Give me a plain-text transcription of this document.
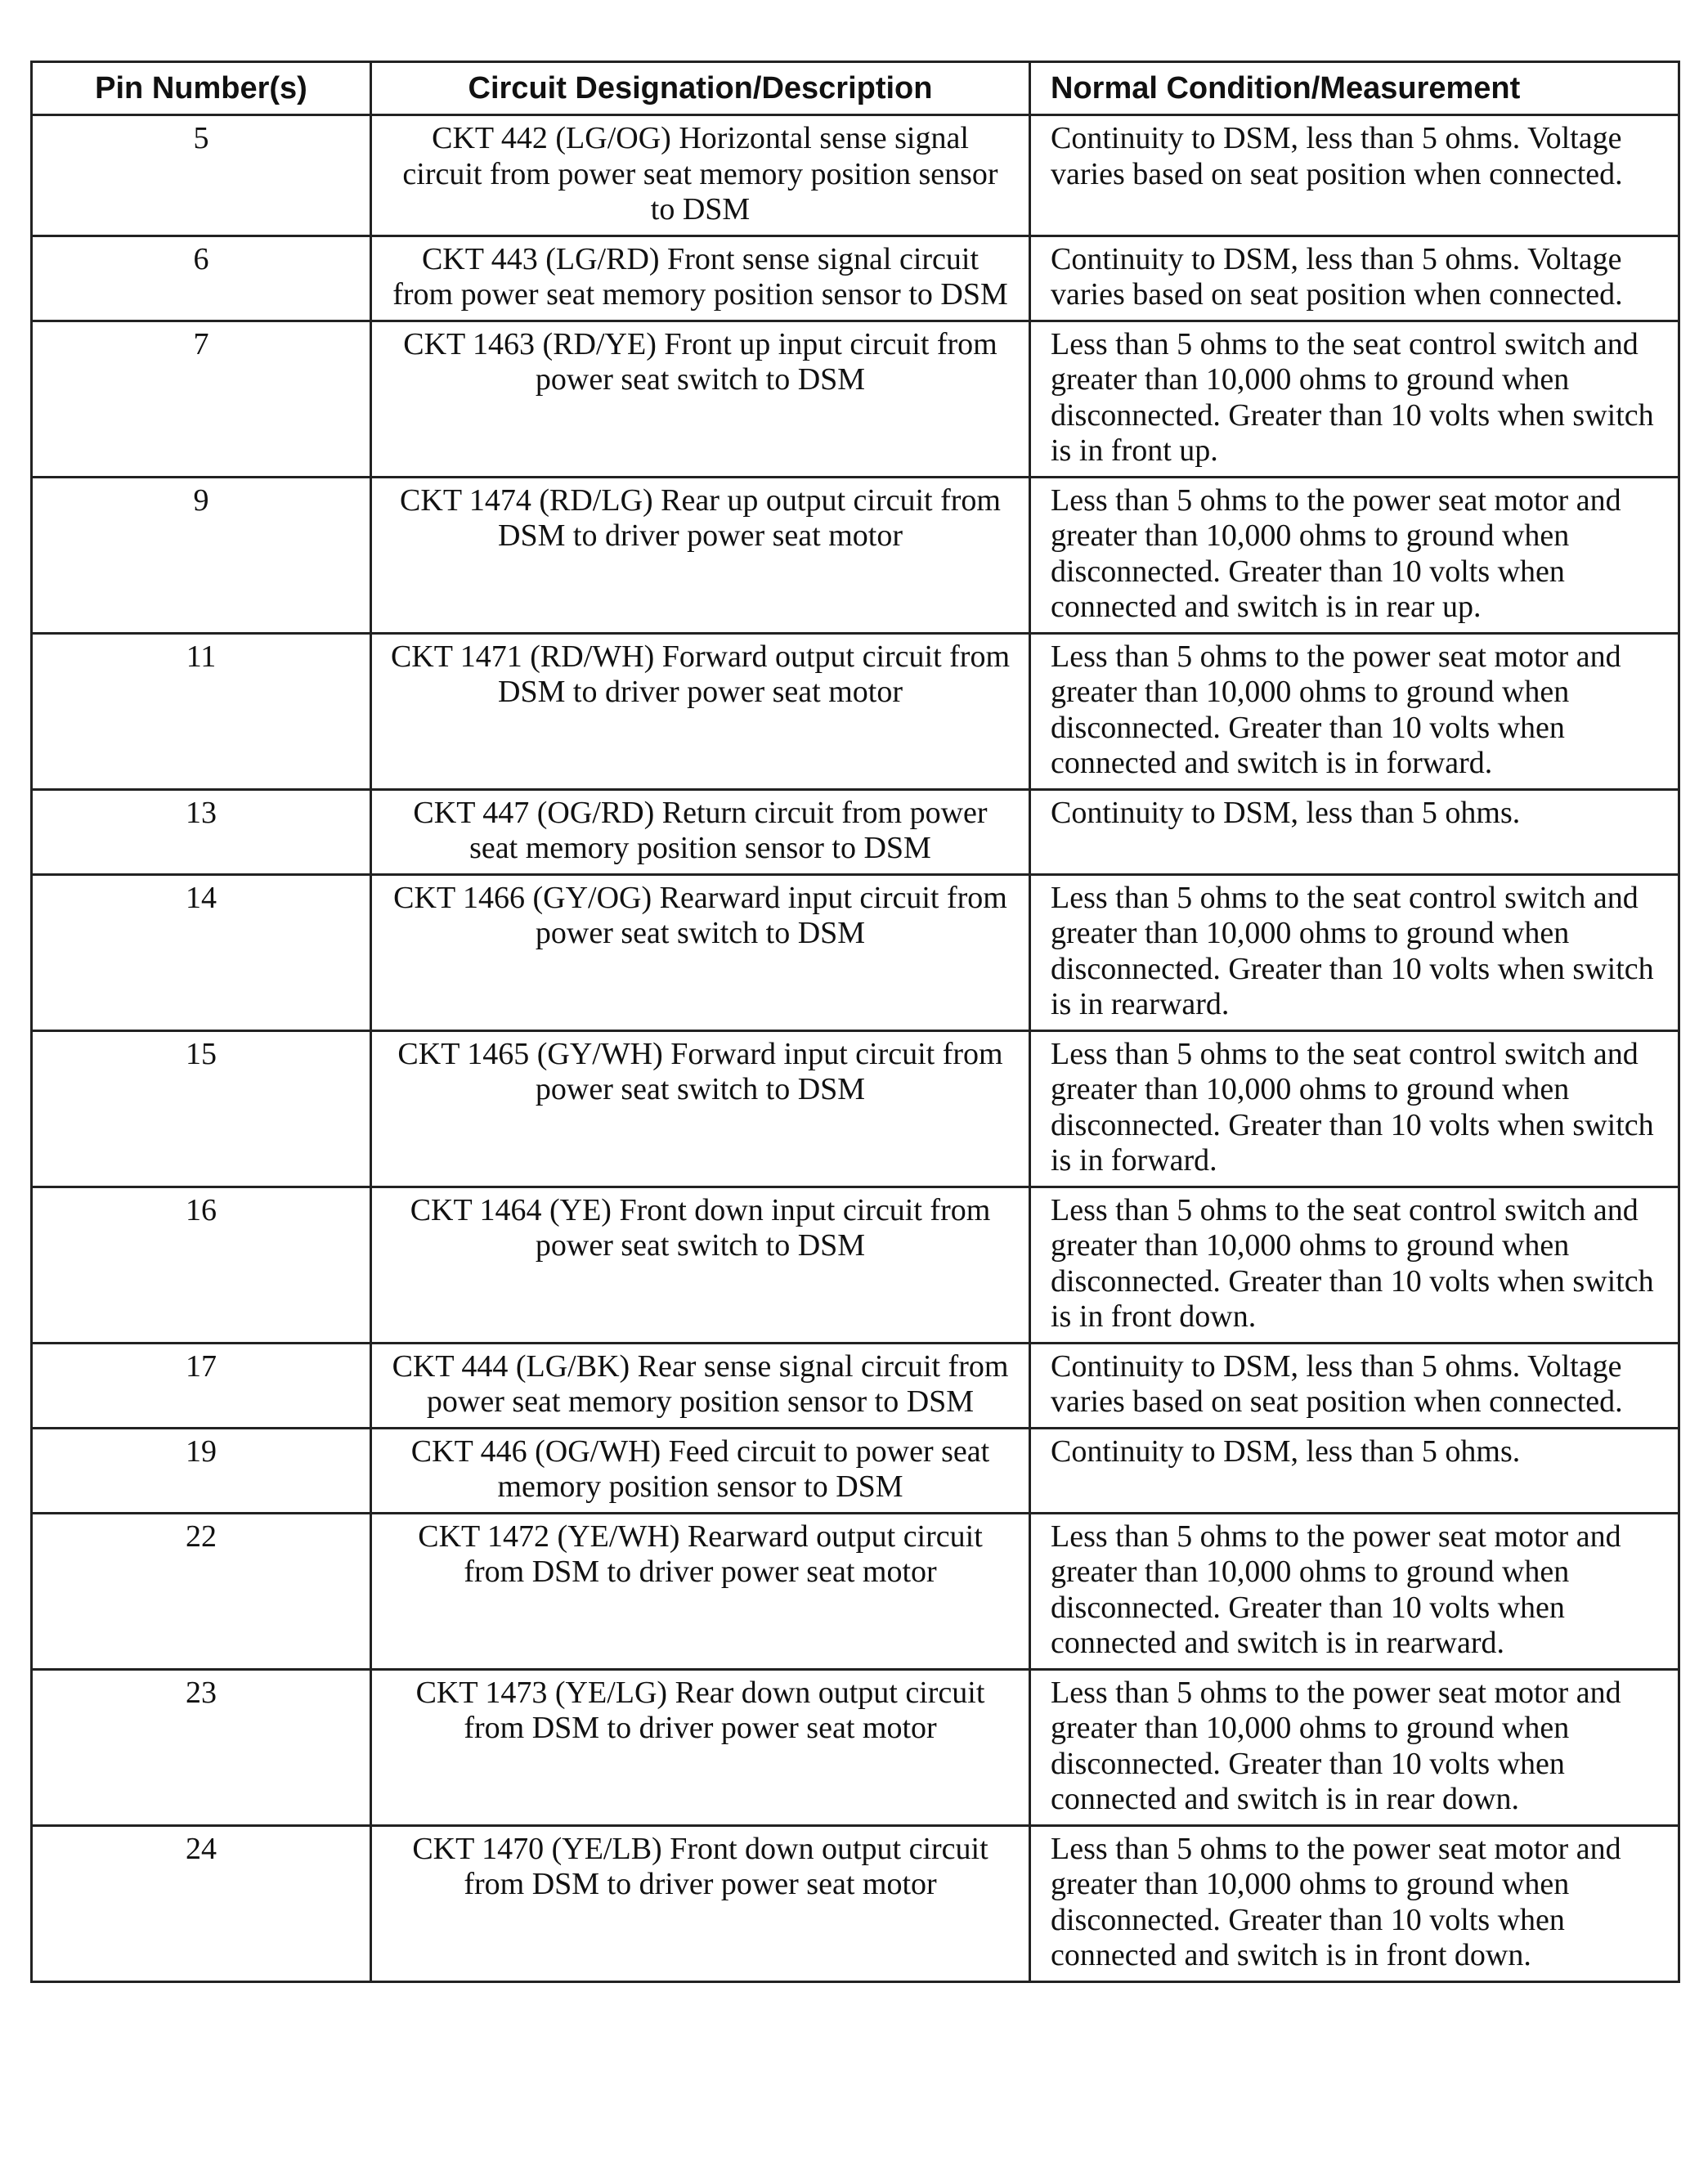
Pin Number(s)	Circuit Designation/Description	Normal Condition/Measurement
5	CKT 442 (LG/OG) Horizontal sense signal circuit from power seat memory position sensor to DSM	Continuity to DSM, less than 5 ohms. Voltage varies based on seat position when connected.
6	CKT 443 (LG/RD) Front sense signal circuit from power seat memory position sensor to DSM	Continuity to DSM, less than 5 ohms. Voltage varies based on seat position when connected.
7	CKT 1463 (RD/YE) Front up input circuit from power seat switch to DSM	Less than 5 ohms to the seat control switch and greater than 10,000 ohms to ground when disconnected. Greater than 10 volts when switch is in front up.
9	CKT 1474 (RD/LG) Rear up output circuit from DSM to driver power seat motor	Less than 5 ohms to the power seat motor and greater than 10,000 ohms to ground when disconnected. Greater than 10 volts when connected and switch is in rear up.
11	CKT 1471 (RD/WH) Forward output circuit from DSM to driver power seat motor	Less than 5 ohms to the power seat motor and greater than 10,000 ohms to ground when disconnected. Greater than 10 volts when connected and switch is in forward.
13	CKT 447 (OG/RD) Return circuit from power seat memory position sensor to DSM	Continuity to DSM, less than 5 ohms.
14	CKT 1466 (GY/OG) Rearward input circuit from power seat switch to DSM	Less than 5 ohms to the seat control switch and greater than 10,000 ohms to ground when disconnected. Greater than 10 volts when switch is in rearward.
15	CKT 1465 (GY/WH) Forward input circuit from power seat switch to DSM	Less than 5 ohms to the seat control switch and greater than 10,000 ohms to ground when disconnected. Greater than 10 volts when switch is in forward.
16	CKT 1464 (YE) Front down input circuit from power seat switch to DSM	Less than 5 ohms to the seat control switch and greater than 10,000 ohms to ground when disconnected. Greater than 10 volts when switch is in front down.
17	CKT 444 (LG/BK) Rear sense signal circuit from power seat memory position sensor to DSM	Continuity to DSM, less than 5 ohms. Voltage varies based on seat position when connected.
19	CKT 446 (OG/WH) Feed circuit to power seat memory position sensor to DSM	Continuity to DSM, less than 5 ohms.
22	CKT 1472 (YE/WH) Rearward output circuit from DSM to driver power seat motor	Less than 5 ohms to the power seat motor and greater than 10,000 ohms to ground when disconnected. Greater than 10 volts when connected and switch is in rearward.
23	CKT 1473 (YE/LG) Rear down output circuit from DSM to driver power seat motor	Less than 5 ohms to the power seat motor and greater than 10,000 ohms to ground when disconnected. Greater than 10 volts when connected and switch is in rear down.
24	CKT 1470 (YE/LB) Front down output circuit from DSM to driver power seat motor	Less than 5 ohms to the power seat motor and greater than 10,000 ohms to ground when disconnected. Greater than 10 volts when connected and switch is in front down.
